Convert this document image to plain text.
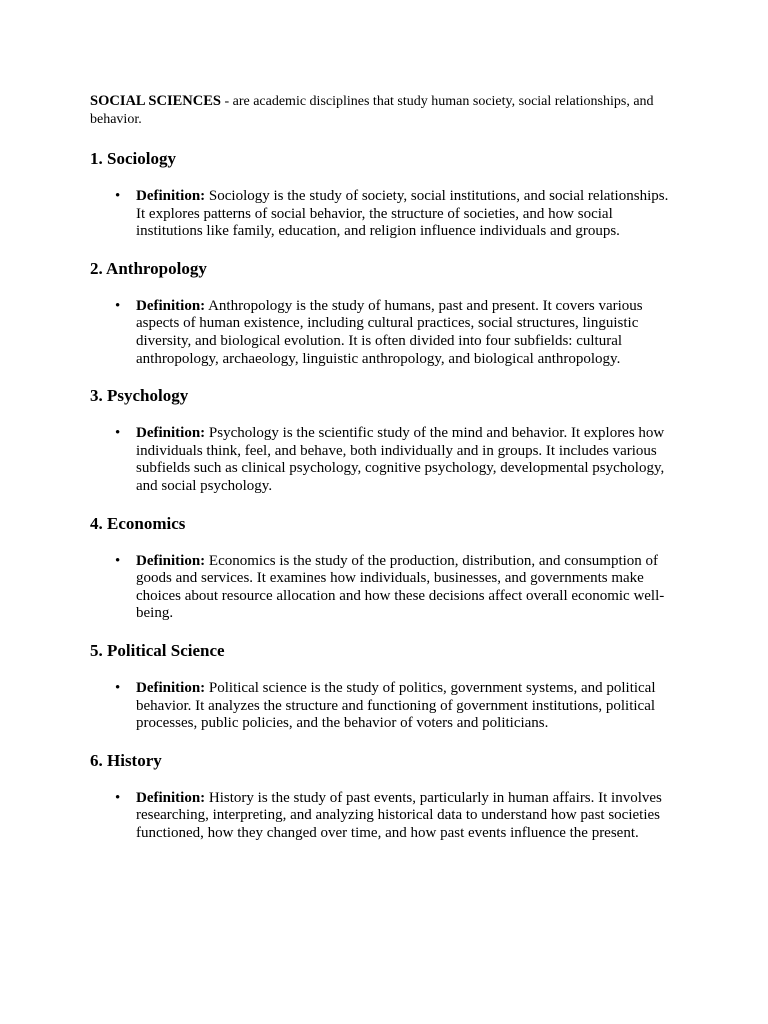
SOCIAL SCIENCES - are academic disciplines that study human society, social relationships, and behavior.

1. Sociology
• Definition: Sociology is the study of society, social institutions, and social relationships. It explores patterns of social behavior, the structure of societies, and how social institutions like family, education, and religion influence individuals and groups.
2. Anthropology
• Definition: Anthropology is the study of humans, past and present. It covers various aspects of human existence, including cultural practices, social structures, linguistic diversity, and biological evolution. It is often divided into four subfields: cultural anthropology, archaeology, linguistic anthropology, and biological anthropology.
3. Psychology
• Definition: Psychology is the scientific study of the mind and behavior. It explores how individuals think, feel, and behave, both individually and in groups. It includes various subfields such as clinical psychology, cognitive psychology, developmental psychology, and social psychology.
4. Economics
• Definition: Economics is the study of the production, distribution, and consumption of goods and services. It examines how individuals, businesses, and governments make choices about resource allocation and how these decisions affect overall economic well-being.
5. Political Science
• Definition: Political science is the study of politics, government systems, and political behavior. It analyzes the structure and functioning of government institutions, political processes, public policies, and the behavior of voters and politicians.
6. History
• Definition: History is the study of past events, particularly in human affairs. It involves researching, interpreting, and analyzing historical data to understand how past societies functioned, how they changed over time, and how past events influence the present.
